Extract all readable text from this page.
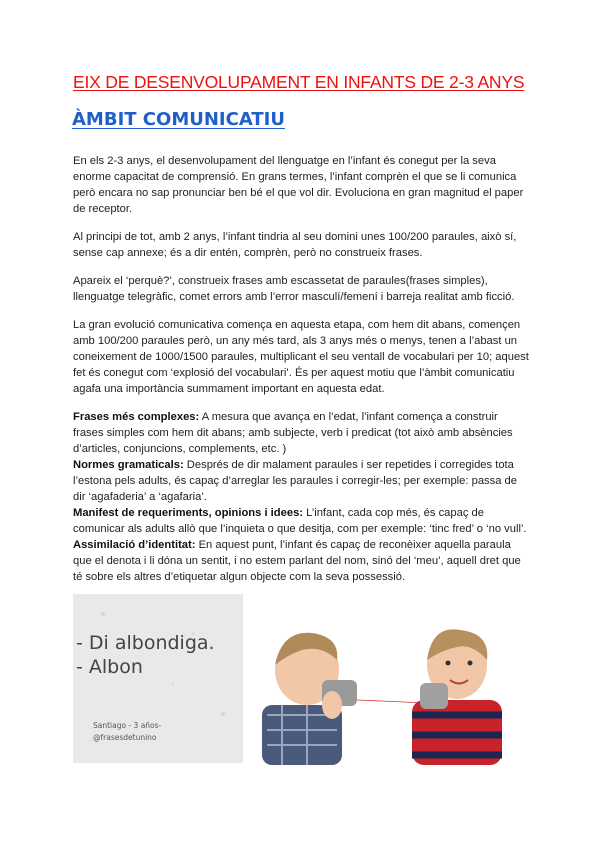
EIX DE DESENVOLUPAMENT EN INFANTS DE 2-3 ANYS
ÀMBIT COMUNICATIU
En els 2-3 anys, el desenvolupament del llenguatge en l’infant és conegut per la seva
enorme capacitat de comprensió. En grans termes, l’infant comprèn el que se li comunica
però encara no sap pronunciar ben bé el que vol dir. Evoluciona en gran magnitud el paper
de receptor.
Al principi de tot, amb 2 anys, l’infant tindria al seu domini unes 100/200 paraules, això sí,
sense cap annexe; és a dir entén, comprèn, però no construeix frases.
Apareix el ‘perquè?’, construeix frases amb escassetat de paraules(frases simples),
llenguatge telegràfic, comet errors amb l’error masculí/femení i barreja realitat amb ficció.
La gran evolució comunicativa comença en aquesta etapa, com hem dit abans, començen
amb 100/200 paraules però, un any més tard, als 3 anys més o menys, tenen a l’abast un
coneixement de 1000/1500 paraules, multiplicant el seu ventall de vocabulari per 10; aquest
fet és conegut com ‘explosió del vocabulari’. És per aquest motiu que l’àmbit comunicatiu
agafa una importància summament important en aquesta edat.
Frases més complexes: A mesura que avança en l’edat, l’infant comença a construir
frases simples com hem dit abans; amb subjecte, verb i predicat (tot això amb absències
d’articles, conjuncions, complements, etc. )
Normes gramaticals: Després de dir malament paraules i ser repetides i corregides tota
l’estona pels adults, és capaç d’arreglar les paraules i corregir-les; per exemple: passa de
dir ‘agafaderia’ a ‘agafaria’.
Manifest de requeriments, opinions i idees: L’infant, cada cop més, és capaç de
comunicar als adults allò que l’inquieta o que desitja, com per exemple: ‘tinc fred’ o ‘no vull’.
Assimilació d’identitat: En aquest punt, l’infant és capaç de reconèixer aquella paraula
que el denota i li dóna un sentit, i no estem parlant del nom, sinó del ‘meu’, aquell dret que
té sobre els altres d’etiquetar algun objecte com la seva possessió.
- Di albondiga.
- Albon
Santiago - 3 años-
@frasesdetunino
